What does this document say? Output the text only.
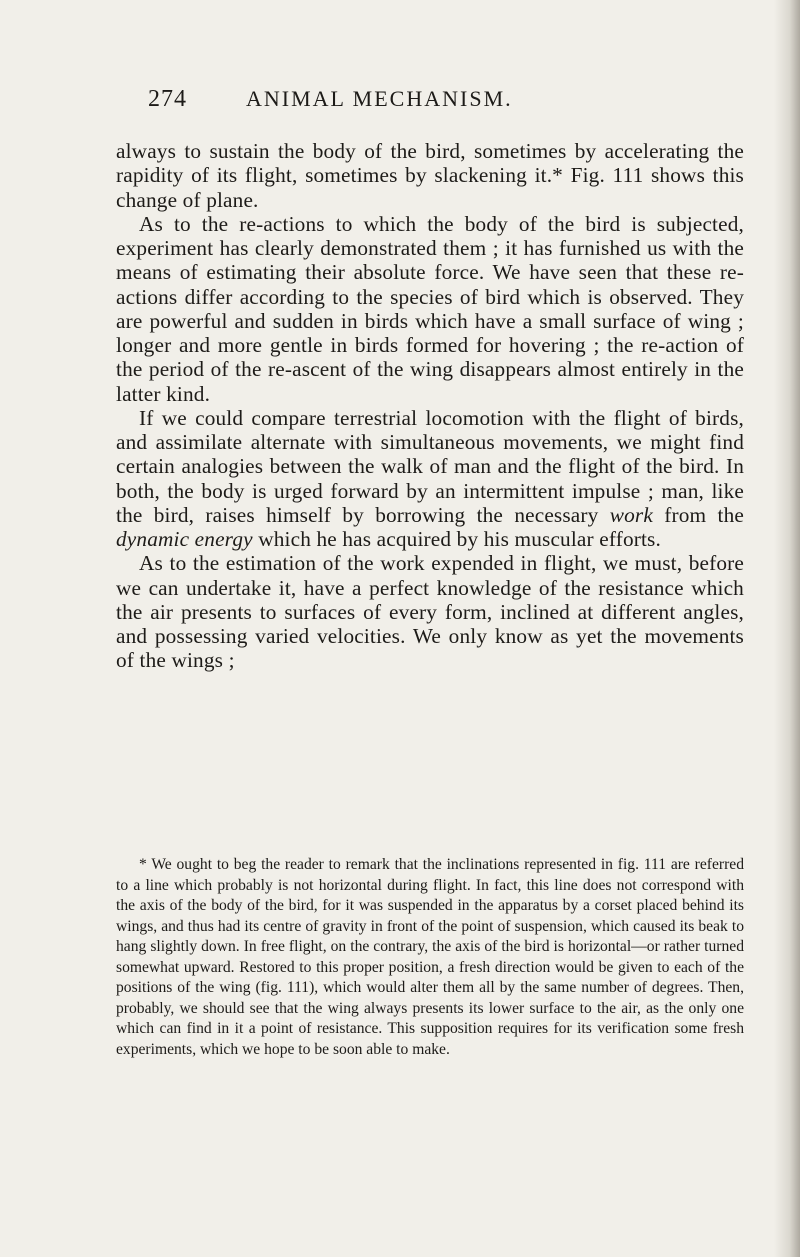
274	ANIMAL MECHANISM.

always to sustain the body of the bird, sometimes by accelerating the rapidity of its flight, sometimes by slackening it.* Fig. 111 shows this change of plane.

As to the re-actions to which the body of the bird is subjected, experiment has clearly demonstrated them ; it has furnished us with the means of estimating their absolute force. We have seen that these re-actions differ according to the species of bird which is observed. They are powerful and sudden in birds which have a small surface of wing ; longer and more gentle in birds formed for hovering ; the re-action of the period of the re-ascent of the wing disappears almost entirely in the latter kind.

If we could compare terrestrial locomotion with the flight of birds, and assimilate alternate with simultaneous movements, we might find certain analogies between the walk of man and the flight of the bird. In both, the body is urged forward by an intermittent impulse ; man, like the bird, raises himself by borrowing the necessary work from the dynamic energy which he has acquired by his muscular efforts.

As to the estimation of the work expended in flight, we must, before we can undertake it, have a perfect knowledge of the resistance which the air presents to surfaces of every form, inclined at different angles, and possessing varied velocities. We only know as yet the movements of the wings ;

* We ought to beg the reader to remark that the inclinations represented in fig. 111 are referred to a line which probably is not horizontal during flight. In fact, this line does not correspond with the axis of the body of the bird, for it was suspended in the apparatus by a corset placed behind its wings, and thus had its centre of gravity in front of the point of suspension, which caused its beak to hang slightly down. In free flight, on the contrary, the axis of the bird is horizontal—or rather turned somewhat upward. Restored to this proper position, a fresh direction would be given to each of the positions of the wing (fig. 111), which would alter them all by the same number of degrees. Then, probably, we should see that the wing always presents its lower surface to the air, as the only one which can find in it a point of resistance. This supposition requires for its verification some fresh experiments, which we hope to be soon able to make.
